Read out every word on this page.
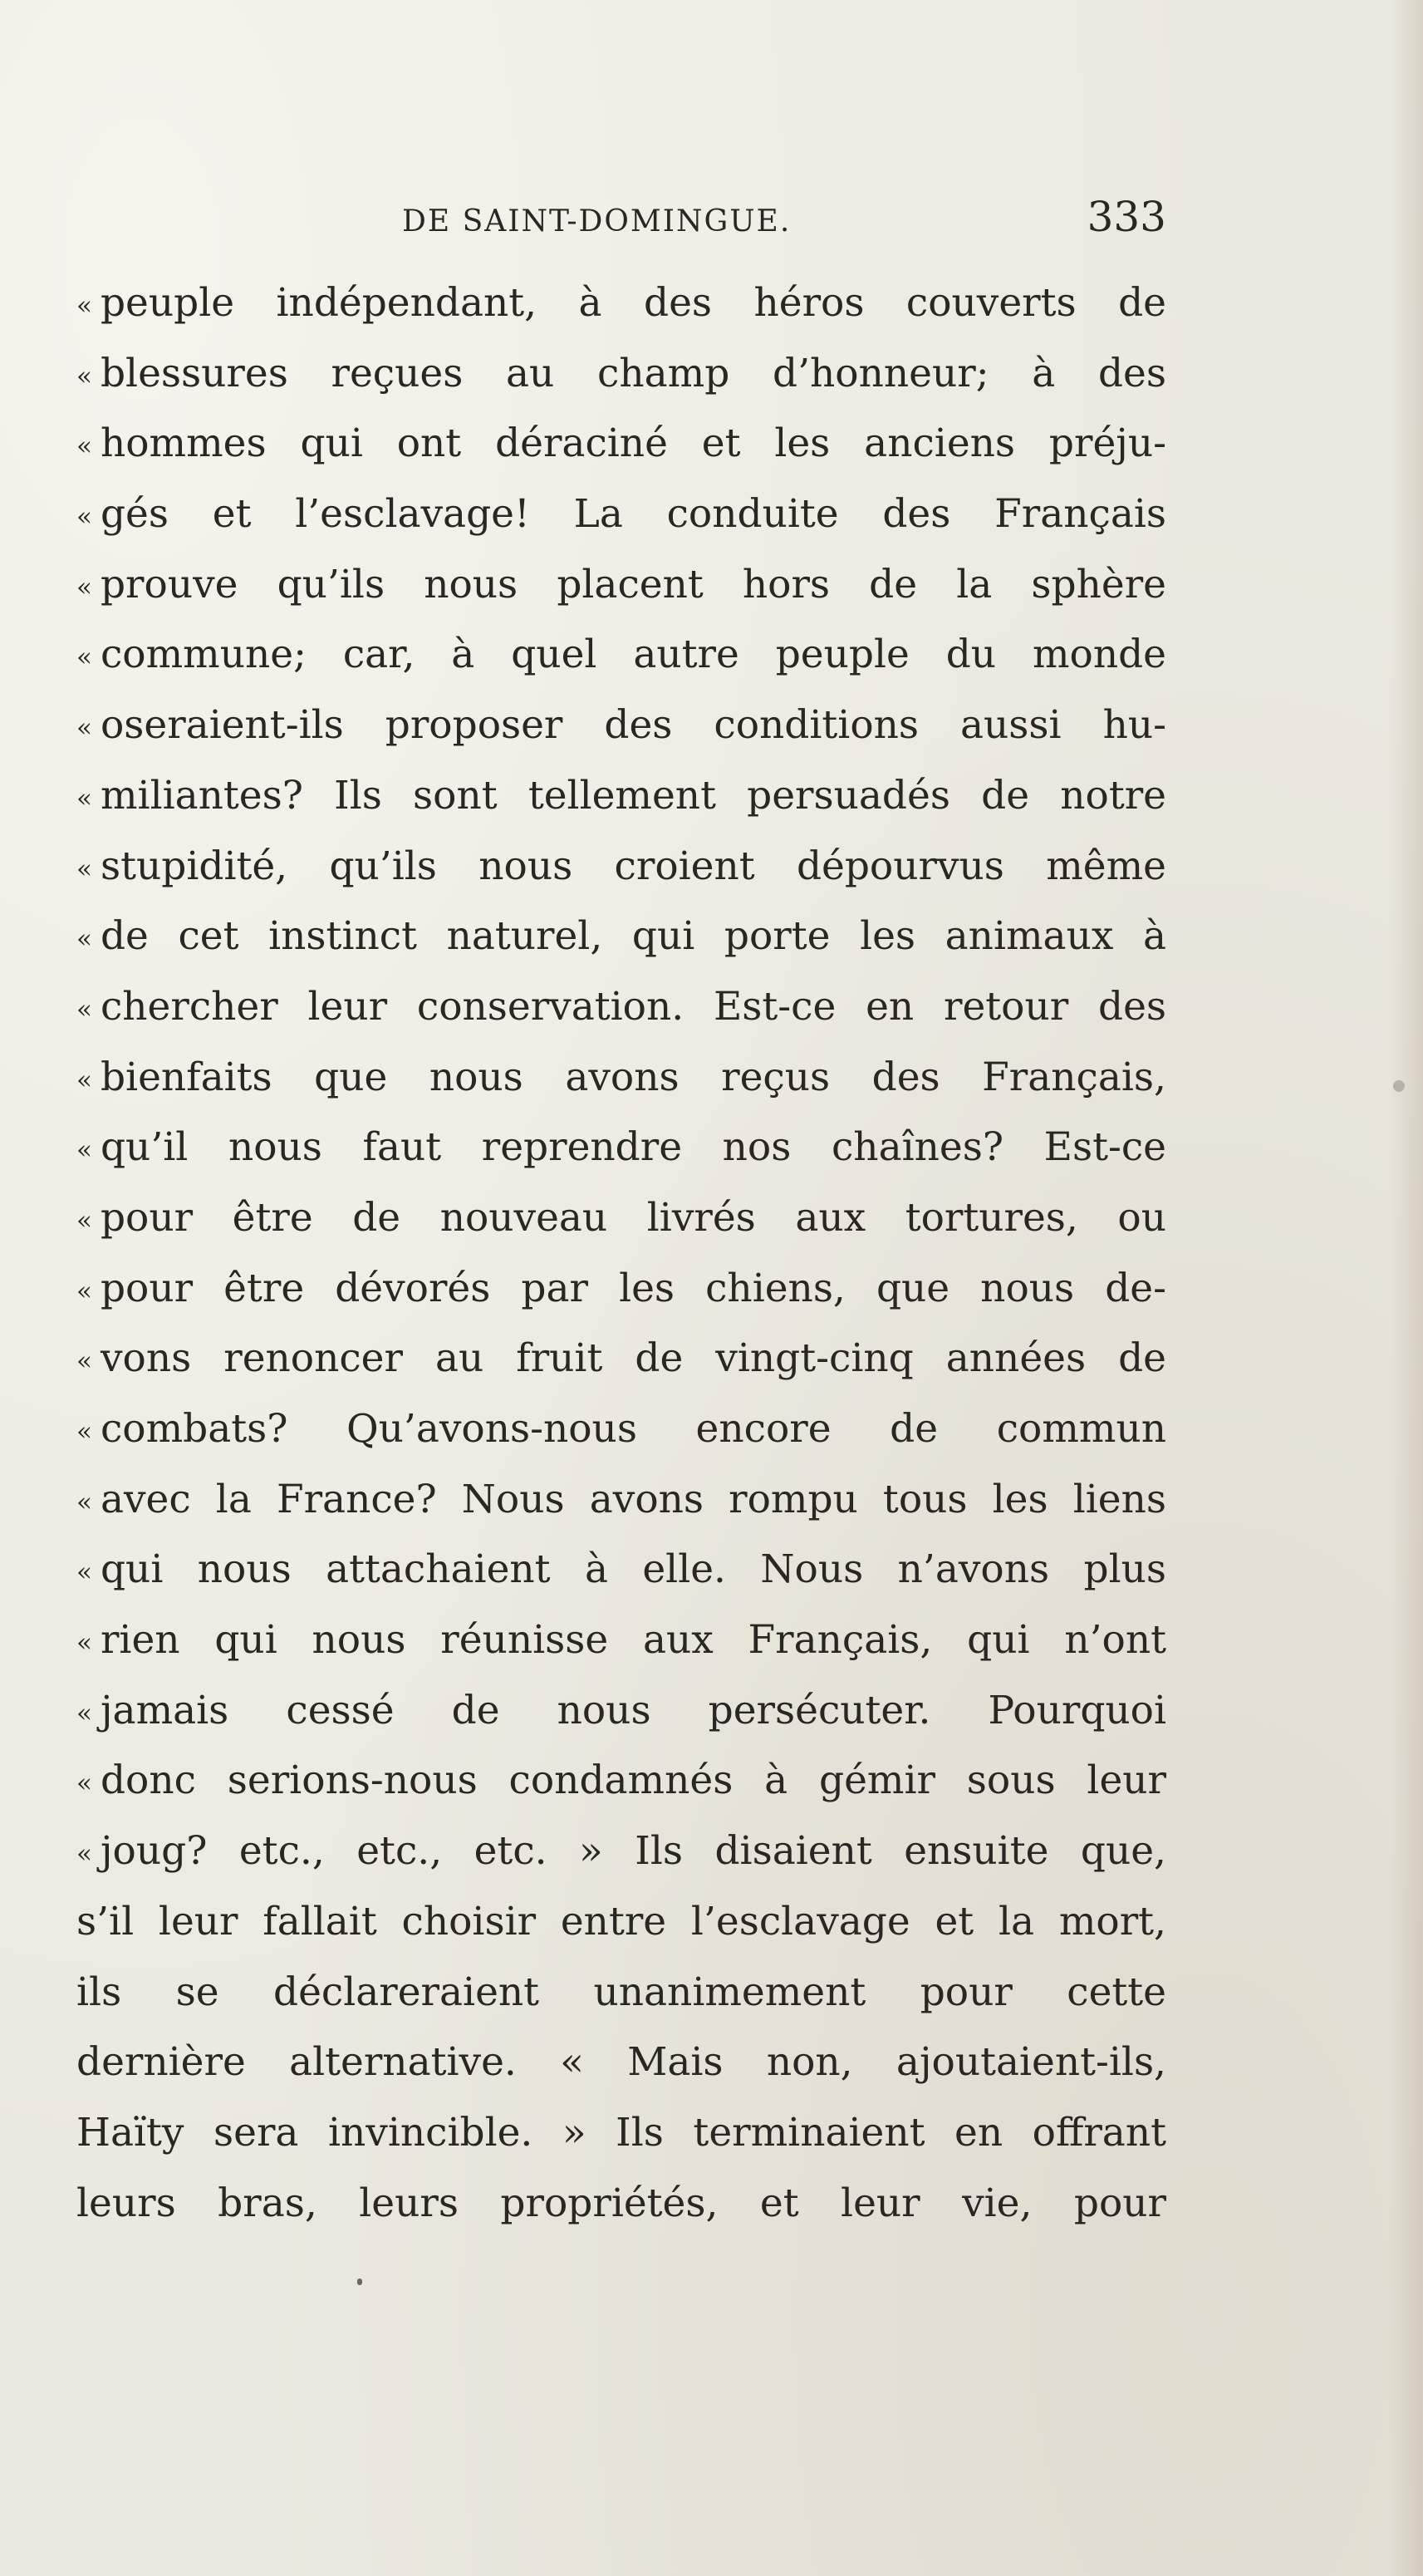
DE SAINT-DOMINGUE.	333
« peuple indépendant, à des héros couverts de
« blessures reçues au champ d’honneur; à des
« hommes qui ont déraciné et les anciens préju-
« gés et l’esclavage! La conduite des Français
« prouve qu’ils nous placent hors de la sphère
« commune; car, à quel autre peuple du monde
« oseraient-ils proposer des conditions aussi hu-
« miliantes? Ils sont tellement persuadés de notre
« stupidité, qu’ils nous croient dépourvus même
« de cet instinct naturel, qui porte les animaux à
« chercher leur conservation. Est-ce en retour des
« bienfaits que nous avons reçus des Français,
« qu’il nous faut reprendre nos chaînes? Est-ce
« pour être de nouveau livrés aux tortures, ou
« pour être dévorés par les chiens, que nous de-
« vons renoncer au fruit de vingt-cinq années de
« combats? Qu’avons-nous encore de commun
« avec la France? Nous avons rompu tous les liens
« qui nous attachaient à elle. Nous n’avons plus
« rien qui nous réunisse aux Français, qui n’ont
« jamais cessé de nous persécuter. Pourquoi
« donc serions-nous condamnés à gémir sous leur
« joug? etc., etc., etc. » Ils disaient ensuite que,
s’il leur fallait choisir entre l’esclavage et la mort,
ils se déclareraient unanimement pour cette
dernière alternative. « Mais non, ajoutaient-ils,
Haïty sera invincible. » Ils terminaient en offrant
leurs bras, leurs propriétés, et leur vie, pour
